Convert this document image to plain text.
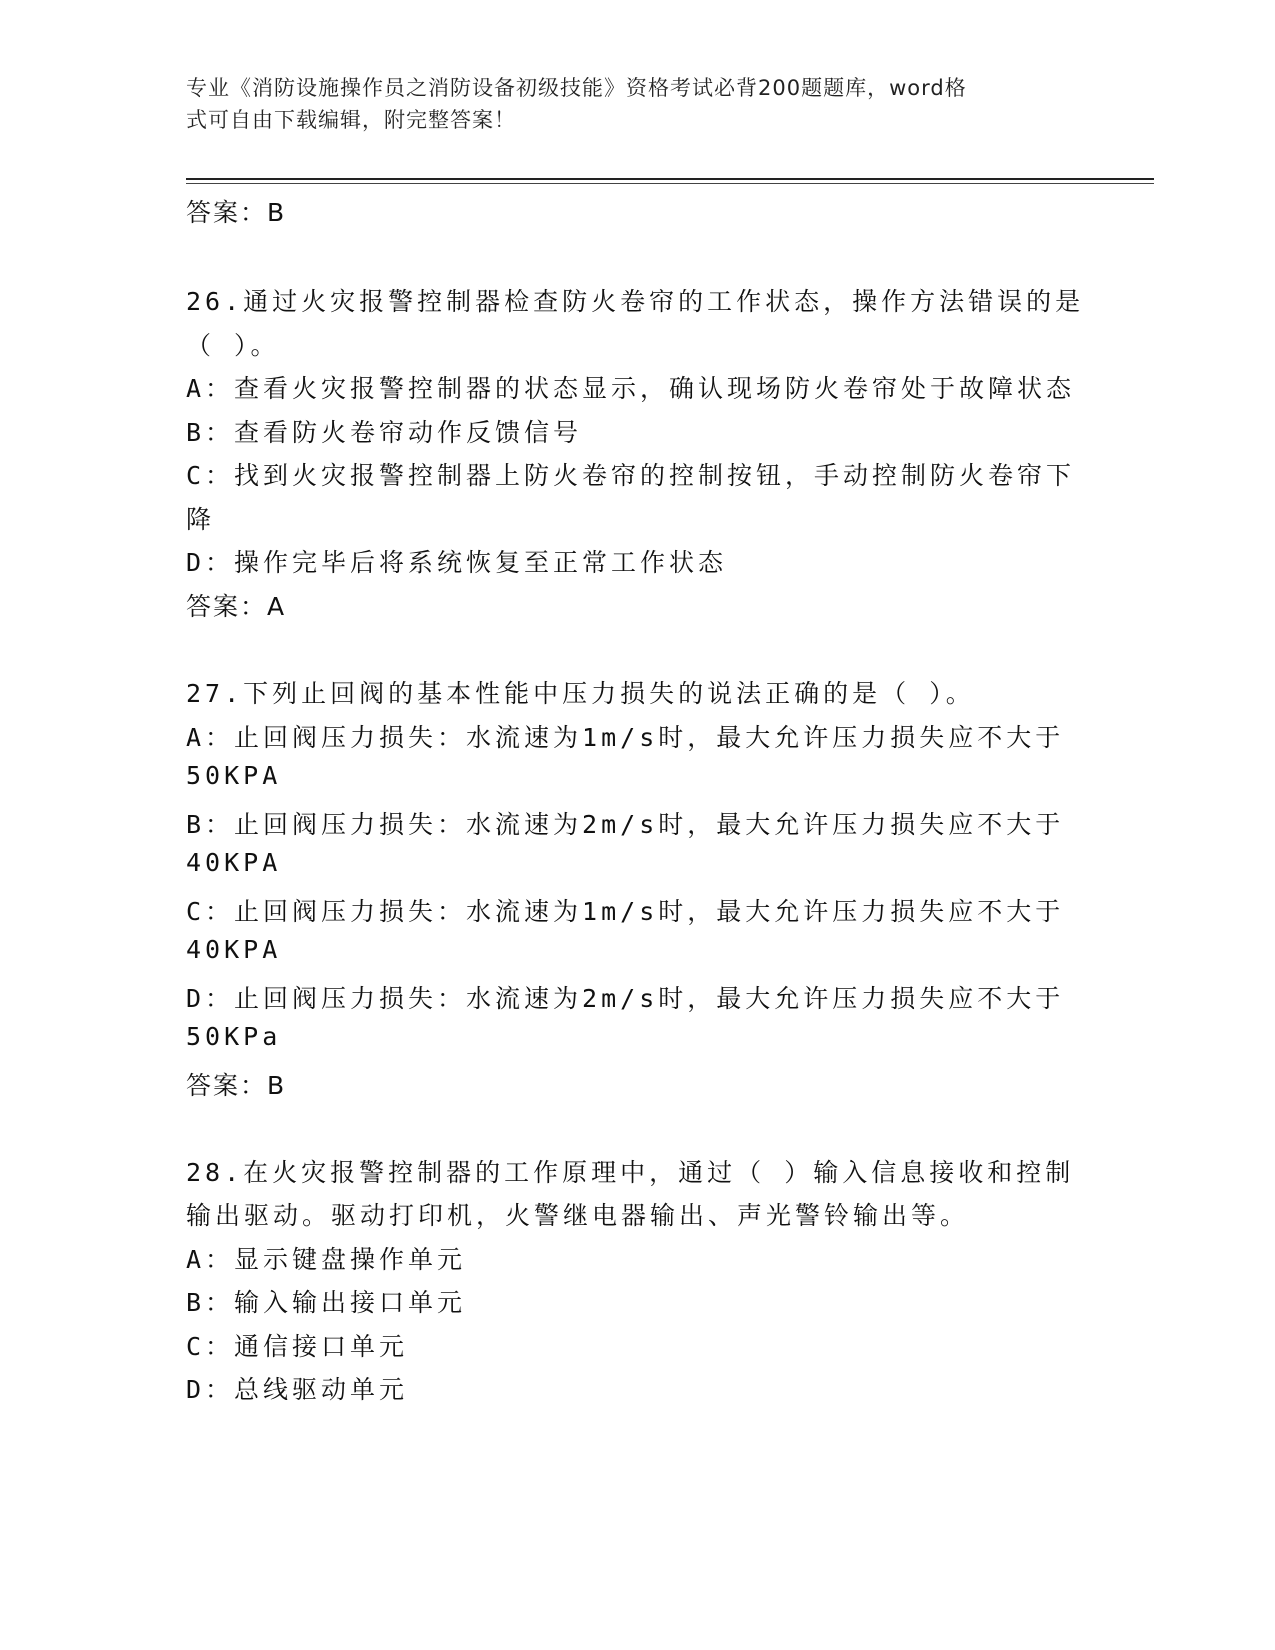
专业《消防设施操作员之消防设备初级技能》资格考试必背200题题库，word格
式可自由下载编辑，附完整答案！
答案：B
26.通过火灾报警控制器检查防火卷帘的工作状态，操作方法错误的是
（ ）。
A：查看火灾报警控制器的状态显示，确认现场防火卷帘处于故障状态
B：查看防火卷帘动作反馈信号
C：找到火灾报警控制器上防火卷帘的控制按钮，手动控制防火卷帘下
降
D：操作完毕后将系统恢复至正常工作状态
答案：A
27.下列止回阀的基本性能中压力损失的说法正确的是（ ）。
A：止回阀压力损失：水流速为1m/s时，最大允许压力损失应不大于
50KPA
B：止回阀压力损失：水流速为2m/s时，最大允许压力损失应不大于
40KPA
C：止回阀压力损失：水流速为1m/s时，最大允许压力损失应不大于
40KPA
D：止回阀压力损失：水流速为2m/s时，最大允许压力损失应不大于
50KPa
答案：B
28.在火灾报警控制器的工作原理中，通过（ ）输入信息接收和控制
输出驱动。驱动打印机，火警继电器输出、声光警铃输出等。
A：显示键盘操作单元
B：输入输出接口单元
C：通信接口单元
D：总线驱动单元
